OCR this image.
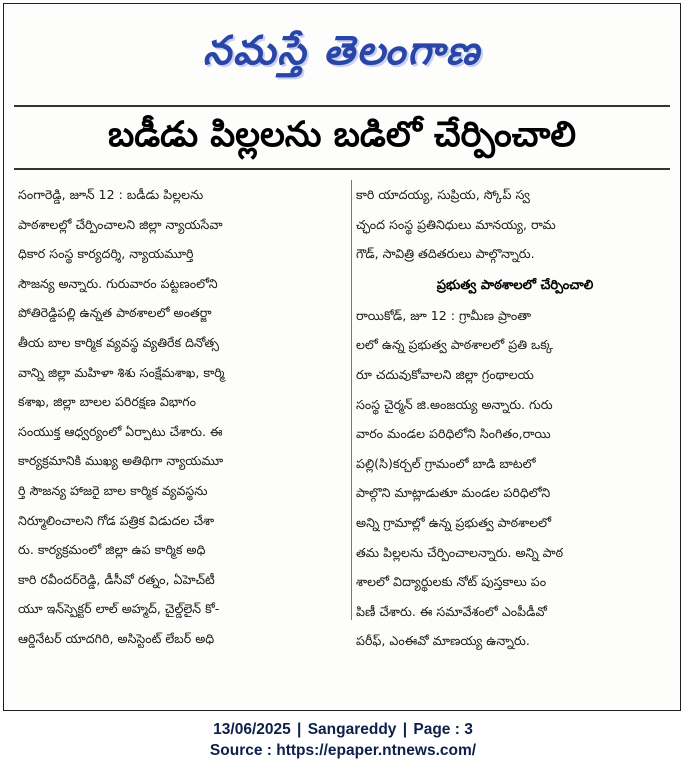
నమస్తే తెలంగాణ
బడీడు పిల్లలను బడిలో చేర్పించాలి
సంగారెడ్డి, జూన్ 12 : బడీడు పిల్లలను
పాఠశాలల్లో చేర్పించాలని జిల్లా న్యాయసేవా
ధికార సంస్థ కార్యదర్శి, న్యాయమూర్తి
సౌజన్య అన్నారు. గురువారం పట్టణంలోని
పోతిరెడ్డిపల్లి ఉన్నత పాఠశాలలో అంతర్జా
తీయ బాల కార్మిక వ్యవస్థ వ్యతిరేక దినోత్స
వాన్ని జిల్లా మహిళా శిశు సంక్షేమశాఖ, కార్మి
కశాఖ, జిల్లా బాలల పరిరక్షణ విభాగం
సంయుక్త ఆధ్వర్యంలో ఏర్పాటు చేశారు. ఈ
కార్యక్రమానికి ముఖ్య అతిథిగా న్యాయమూ
ర్తి సౌజన్య హాజరై బాల కార్మిక వ్యవస్థను
నిర్మూలించాలని గోడ పత్రిక విడుదల చేశా
రు. కార్యక్రమంలో జిల్లా ఉప కార్మిక అధి
కారి రవీందర్‌రెడ్డి, డీసీవో రత్నం, ఏహెచ్‌టీ
యూ ఇన్‌స్పెక్టర్ లాల్ అహ్మద్, చైల్డ్‌లైన్ కో-
ఆర్డినేటర్ యాదగిరి, అసిస్టెంట్ లేబర్ అధి
కారి యాదయ్య, సుప్రియ, స్కోప్ స్వ
చ్ఛంద సంస్థ ప్రతినిధులు మానయ్య, రామ
గౌడ్, సావిత్రి తదితరులు పాల్గొన్నారు.
ప్రభుత్వ పాఠశాలలో చేర్పించాలి
రాయికోడ్, జూ 12 : గ్రామీణ ప్రాంతా
లలో ఉన్న ప్రభుత్వ పాఠశాలలో ప్రతి ఒక్క
రూ చదువుకోవాలని జిల్లా గ్రంథాలయ
సంస్థ చైర్మన్ జి.అంజయ్య అన్నారు. గురు
వారం మండల పరిధిలోని సింగితం,రాయి
పల్లి(సి)కర్చల్ గ్రామంలో బాడి బాటలో
పాల్గొని మాట్లాడుతూ మండల పరిధిలోని
అన్ని గ్రామాల్లో ఉన్న ప్రభుత్వ పాఠశాలలో
తమ పిల్లలను చేర్పించాలన్నారు. అన్ని పాఠ
శాలలో విద్యార్థులకు నోట్ పుస్తకాలు పం
పిణీ చేశారు. ఈ సమావేశంలో ఎంపీడీవో
పరీఫ్, ఎంఈవో మాణయ్య ఉన్నారు.
13/06/2025 | Sangareddy | Page : 3
Source : https://epaper.ntnews.com/
